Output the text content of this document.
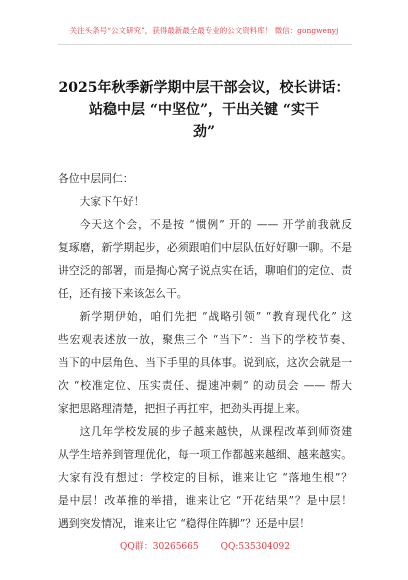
关注头条号“公文研究”，获得最新最全最专业的公文资料库！ 微信：gongwenyj
2025年秋季新学期中层干部会议，校长讲话：
站稳中层 “中坚位”，干出关键 “实干
劲”
各位中层同仁：
大家下午好！
今天这个会，不是按 “惯例” 开的 —— 开学前我就反
复琢磨，新学期起步，必须跟咱们中层队伍好好聊一聊。不是
讲空泛的部署，而是掏心窝子说点实在话，聊咱们的定位、责
任，还有接下来该怎么干。
新学期伊始，咱们先把 “战略引领” “教育现代化” 这
些宏观表述放一放，聚焦三个 “当下”：当下的学校节奏、
当下的中层角色、当下手里的具体事。说到底，这次会就是一
次 “校准定位、压实责任、提速冲刺” 的动员会 —— 帮大
家把思路理清楚，把担子再扛牢，把劲头再提上来。
这几年学校发展的步子越来越快，从课程改革到师资建
从学生培养到管理优化，每一项工作都越来越细、越来越实。
大家有没有想过：学校定的目标，谁来让它 “落地生根”？
是中层！改革推的举措，谁来让它 “开花结果”？是中层！
遇到突发情况，谁来让它 “稳得住阵脚”？还是中层！
QQ群：30265665 QQ:535304092
